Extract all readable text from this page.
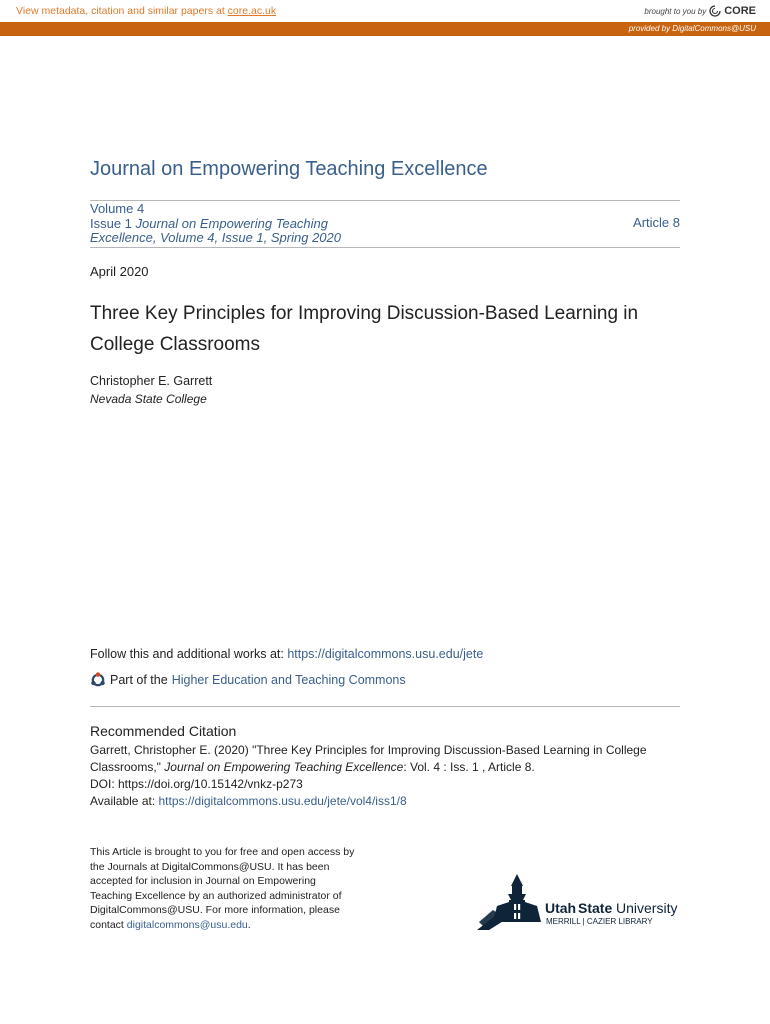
View metadata, citation and similar papers at core.ac.uk	brought to you by CORE
provided by DigitalCommons@USU
Journal on Empowering Teaching Excellence
Volume 4
Issue 1 Journal on Empowering Teaching
Excellence, Volume 4, Issue 1, Spring 2020
Article 8
April 2020
Three Key Principles for Improving Discussion-Based Learning in College Classrooms
Christopher E. Garrett
Nevada State College
Follow this and additional works at: https://digitalcommons.usu.edu/jete
Part of the Higher Education and Teaching Commons
Recommended Citation
Garrett, Christopher E. (2020) "Three Key Principles for Improving Discussion-Based Learning in College
Classrooms," Journal on Empowering Teaching Excellence: Vol. 4 : Iss. 1 , Article 8.
DOI: https://doi.org/10.15142/vnkz-p273
Available at: https://digitalcommons.usu.edu/jete/vol4/iss1/8
This Article is brought to you for free and open access by
the Journals at DigitalCommons@USU. It has been
accepted for inclusion in Journal on Empowering
Teaching Excellence by an authorized administrator of
DigitalCommons@USU. For more information, please
contact digitalcommons@usu.edu.
Utah State University
MERRILL | CAZIER LIBRARY
